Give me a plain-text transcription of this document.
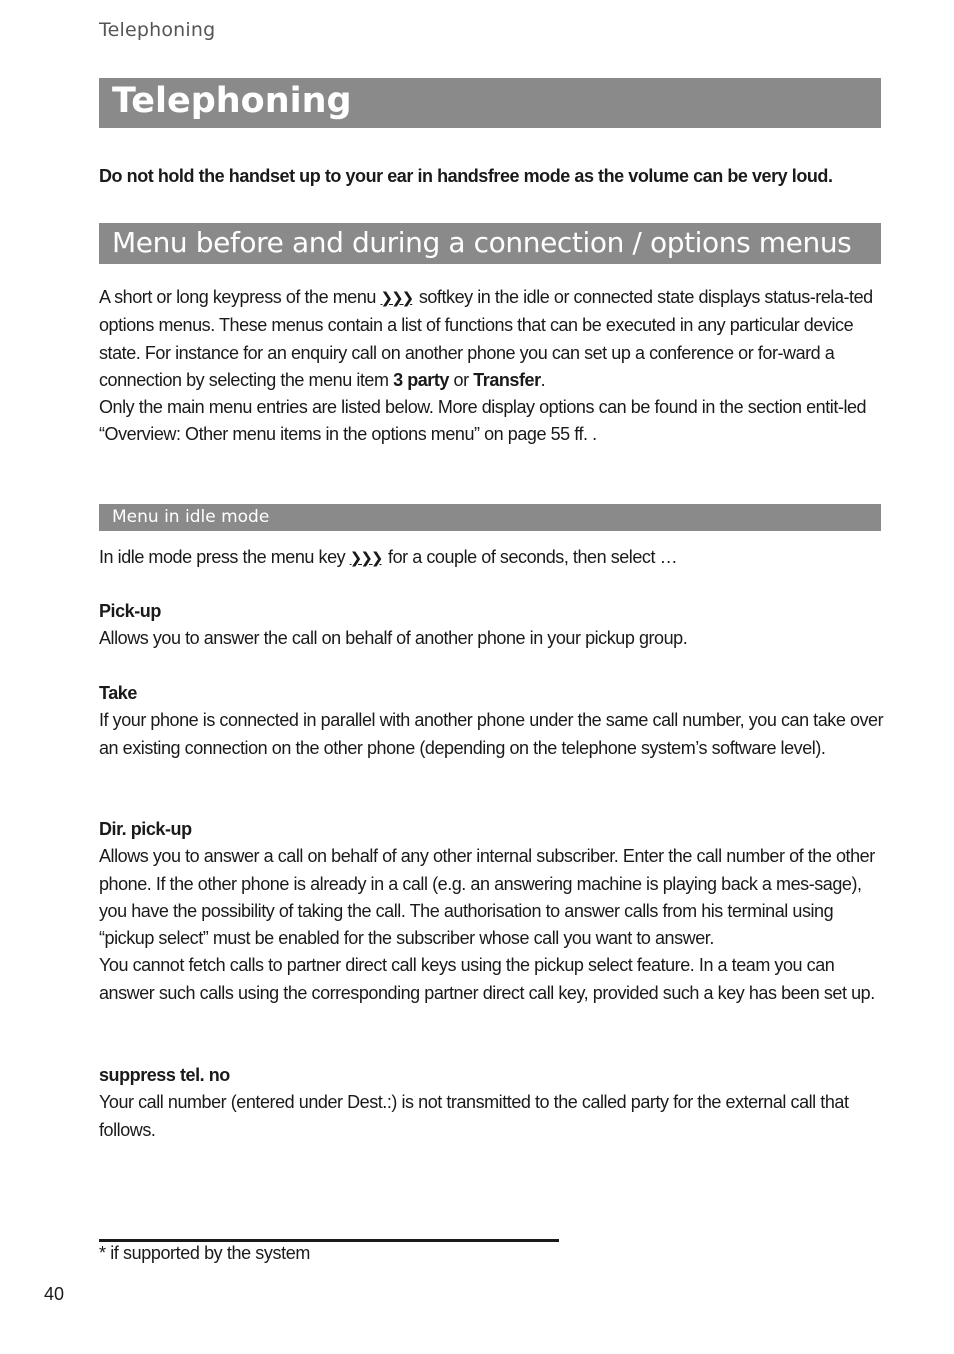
Telephoning
Telephoning
Do not hold the handset up to your ear in handsfree mode as the volume can be very loud.
Menu before and during a connection / options menus

A short or long keypress of the menu ❯❯❯ softkey in the idle or connected state displays status-rela-ted options menus. These menus contain a list of functions that can be executed in any particular device state. For instance for an enquiry call on another phone you can set up a conference or for-ward a connection by selecting the menu item 3 party or Transfer.

Only the main menu entries are listed below. More display options can be found in the section entit-led “Overview: Other menu items in the options menu” on page 55 ff. .

Menu in idle mode

In idle mode press the menu key ❯❯❯ for a couple of seconds, then select …

Pick-up

Allows you to answer the call on behalf of another phone in your pickup group.

Take

If your phone is connected in parallel with another phone under the same call number, you can take over an existing connection on the other phone (depending on the telephone system’s software level).

Dir. pick-up

Allows you to answer a call on behalf of any other internal subscriber. Enter the call number of the other phone. If the other phone is already in a call (e.g. an answering machine is playing back a mes-sage), you have the possibility of taking the call. The authorisation to answer calls from his terminal using “pickup select” must be enabled for the subscriber whose call you want to answer.

You cannot fetch calls to partner direct call keys using the pickup select feature. In a team you can answer such calls using the corresponding partner direct call key, provided such a key has been set up.

suppress tel. no

Your call number (entered under Dest.:) is not transmitted to the called party for the external call that follows.

* if supported by the system
40
